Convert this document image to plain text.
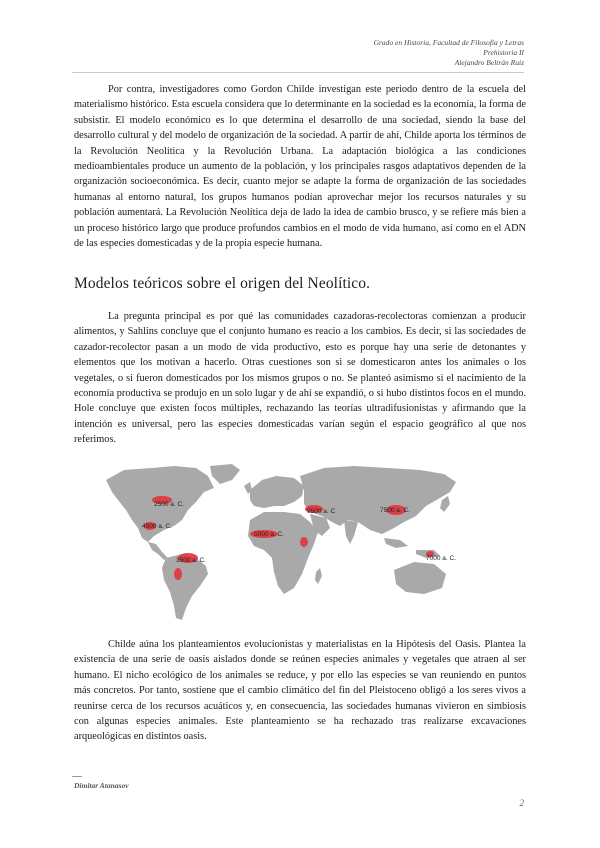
Grado en Historia, Facultad de Filosofía y Letras
Prehistoria II
Alejandro Beltrán Ruiz

Por contra, investigadores como Gordon Childe investigan este periodo dentro de la escuela del materialismo histórico. Esta escuela considera que lo determinante en la sociedad es la economía, la forma de subsistir. El modelo económico es lo que determina el desarrollo de una sociedad, siendo la base del desarrollo cultural y del modelo de organización de la sociedad. A partir de ahí, Childe aporta los términos de la Revolución Neolítica y la Revolución Urbana. La adaptación biológica a las condiciones medioambientales produce un aumento de la población, y los principales rasgos adaptativos dependen de la organización socioeconómica. Es decir, cuanto mejor se adapte la forma de organización de las sociedades humanas al entorno natural, los grupos humanos podían aprovechar mejor los recursos naturales y su población aumentará. La Revolución Neolítica deja de lado la idea de cambio brusco, y se refiere más bien a un proceso histórico largo que produce profundos cambios en el modo de vida humano, así como en el ADN de las especies domesticadas y de la propia especie humana.

Modelos teóricos sobre el origen del Neolítico.

La pregunta principal es por qué las comunidades cazadoras-recolectoras comienzan a producir alimentos, y Sahlins concluye que el conjunto humano es reacio a los cambios. Es decir, si las sociedades de cazador-recolector pasan a un modo de vida productivo, esto es porque hay una serie de detonantes y elementos que los motivan a hacerlo. Otras cuestiones son si se domesticaron antes los animales o los vegetales, o si fueron domesticados por los mismos grupos o no. Se planteó asimismo si el nacimiento de la economía productiva se produjo en un solo lugar y de ahí se expandió, o si hubo distintos focos en el mundo. Hole concluye que existen focos múltiples, rechazando las teorías ultradifusionistas y afirmando que la intención es universal, pero las especies domesticadas varían según el espacio geográfico al que nos referimos.

2500 a. C.
4500 a. C.
3500 a. C.
9500 a. C
5000 a. C.
7500 a. C.
7000 a. C.

Childe aúna los planteamientos evolucionistas y materialistas en la Hipótesis del Oasis. Plantea la existencia de una serie de oasis aislados donde se reúnen especies animales y vegetales que atraen al ser humano. El nicho ecológico de los animales se reduce, y por ello las especies se van reuniendo en puntos más concretos. Por tanto, sostiene que el cambio climático del fin del Pleistoceno obligó a los seres vivos a reunirse cerca de los recursos acuáticos y, en consecuencia, las sociedades humanas vivieron en simbiosis con algunas especies animales. Este planteamiento se ha rechazado tras realizarse excavaciones arqueológicas en distintos oasis.

Dimitar Atanasov
2
